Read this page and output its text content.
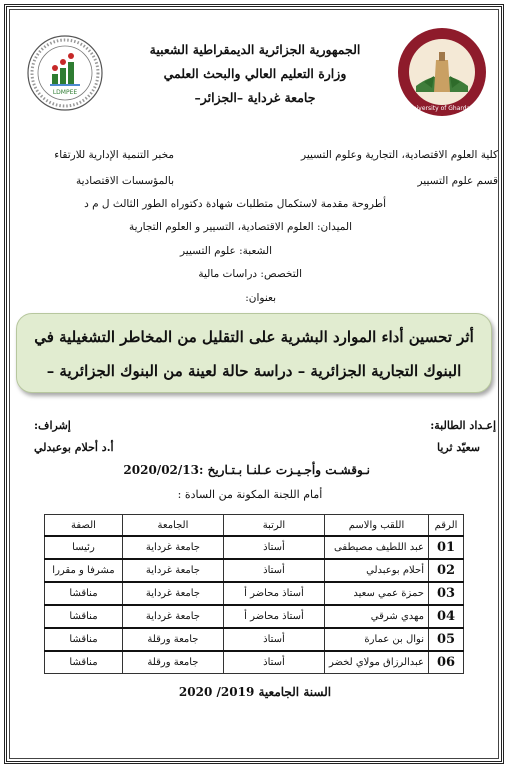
LDMPEE
University of Ghardaia
الجمهورية الجزائرية الديمقراطية الشعبية
وزارة التعليم العالي والبحث العلمي
جامعة غرداية –الجزائر–
كلية العلوم الاقتصادية، التجارية وعلوم التسيير
قسم علوم التسيير
مخبر التنمية الإدارية للارتقاء
بالمؤسسات الاقتصادية
أطروحة مقدمة لاستكمال متطلبات شهادة دكتوراه الطور الثالث ل م د
الميدان: العلوم الاقتصادية، التسيير و العلوم التجارية
الشعبة: علوم التسيير
التخصص: دراسات مالية
بعنوان:
أثر تحسين أداء الموارد البشرية على التقليل من المخاطر التشغيلية في
البنوك التجارية الجزائرية – دراسة حالة لعينة من البنوك الجزائرية –
إعـداد الطالبة:
سعيّد ثريا
إشراف:
أ.د أحلام بوعبدلي
نـوقشـت وأجـيـزت عـلنـا بـتـاريخ :2020/02/13
أمام اللجنة المكونة من السادة :
الرقم	اللقب والاسم	الرتبة	الجامعة	الصفة
01	عبد اللطيف مصيطفى	أستاذ	جامعة غرداية	رئيسا
02	أحلام بوعبدلي	أستاذ	جامعة غرداية	مشرفا و مقررا
03	حمزة عمي سعيد	أستاذ محاضر أ	جامعة غرداية	مناقشا
04	مهدي شرقي	أستاذ محاضر أ	جامعة غرداية	مناقشا
05	نوال بن عمارة	أستاذ	جامعة ورقلة	مناقشا
06	عبدالرزاق مولاي لخضر	أستاذ	جامعة ورقلة	مناقشا
السنة الجامعية 2019/ 2020
